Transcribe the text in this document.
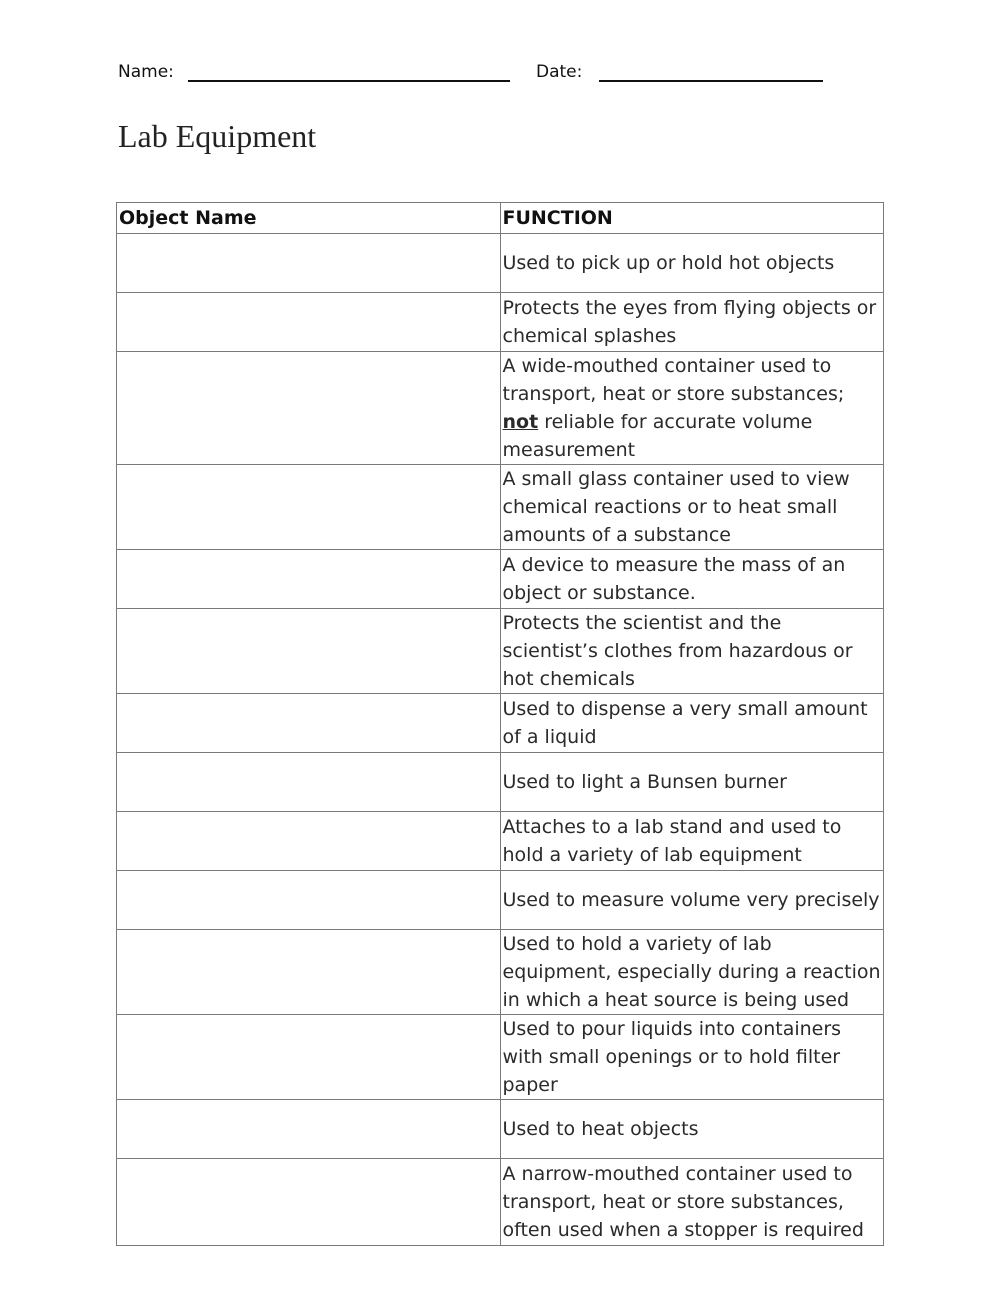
Name:	Date:
Lab Equipment
Object Name	FUNCTION
	Used to pick up or hold hot objects
	Protects the eyes from flying objects or chemical splashes
	A wide-mouthed container used to transport, heat or store substances; not reliable for accurate volume measurement
	A small glass container used to view chemical reactions or to heat small amounts of a substance
	A device to measure the mass of an object or substance.
	Protects the scientist and the scientist’s clothes from hazardous or hot chemicals
	Used to dispense a very small amount of a liquid
	Used to light a Bunsen burner
	Attaches to a lab stand and used to hold a variety of lab equipment
	Used to measure volume very precisely
	Used to hold a variety of lab equipment, especially during a reaction in which a heat source is being used
	Used to pour liquids into containers with small openings or to hold filter paper
	Used to heat objects
	A narrow-mouthed container used to transport, heat or store substances, often used when a stopper is required
